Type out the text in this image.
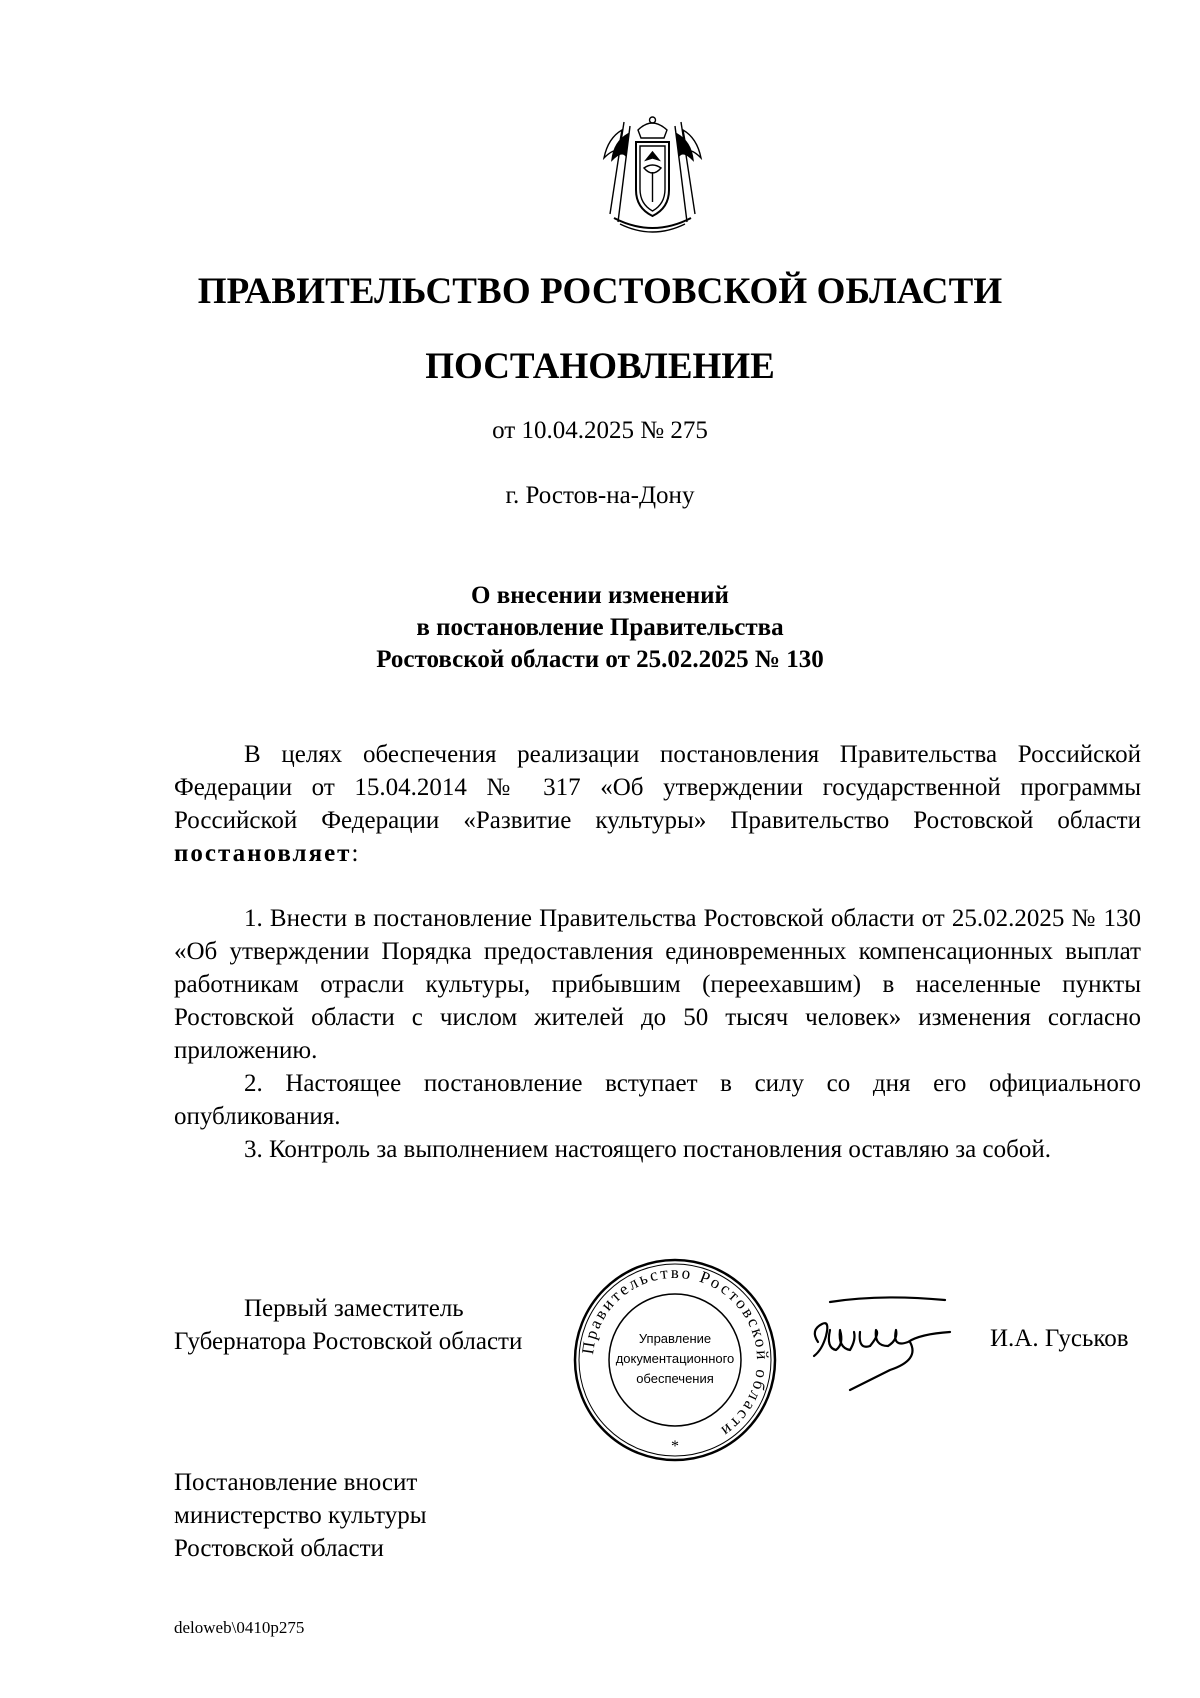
ПРАВИТЕЛЬСТВО РОСТОВСКОЙ ОБЛАСТИ
ПОСТАНОВЛЕНИЕ
от 10.04.2025 № 275
г. Ростов-на-Дону
О внесении изменений
в постановление Правительства
Ростовской области от 25.02.2025 № 130

В целях обеспечения реализации постановления Правительства Российской Федерации от 15.04.2014 № 317 «Об утверждении государственной программы Российской Федерации «Развитие культуры» Правительство Ростовской области постановляет:

1. Внести в постановление Правительства Ростовской области от 25.02.2025 № 130 «Об утверждении Порядка предоставления единовременных компенсационных выплат работникам отрасли культуры, прибывшим (переехавшим) в населенные пункты Ростовской области с числом жителей до 50 тысяч человек» изменения согласно приложению.

2. Настоящее постановление вступает в силу со дня его официального опубликования.

3. Контроль за выполнением настоящего постановления оставляю за собой.

Первый заместитель
Губернатора Ростовской области	Правительство Ростовской области
Управление
документационного
обеспечения
*
И.А. Гуськов
Постановление вносит
министерство культуры
Ростовской области
deloweb\0410p275
